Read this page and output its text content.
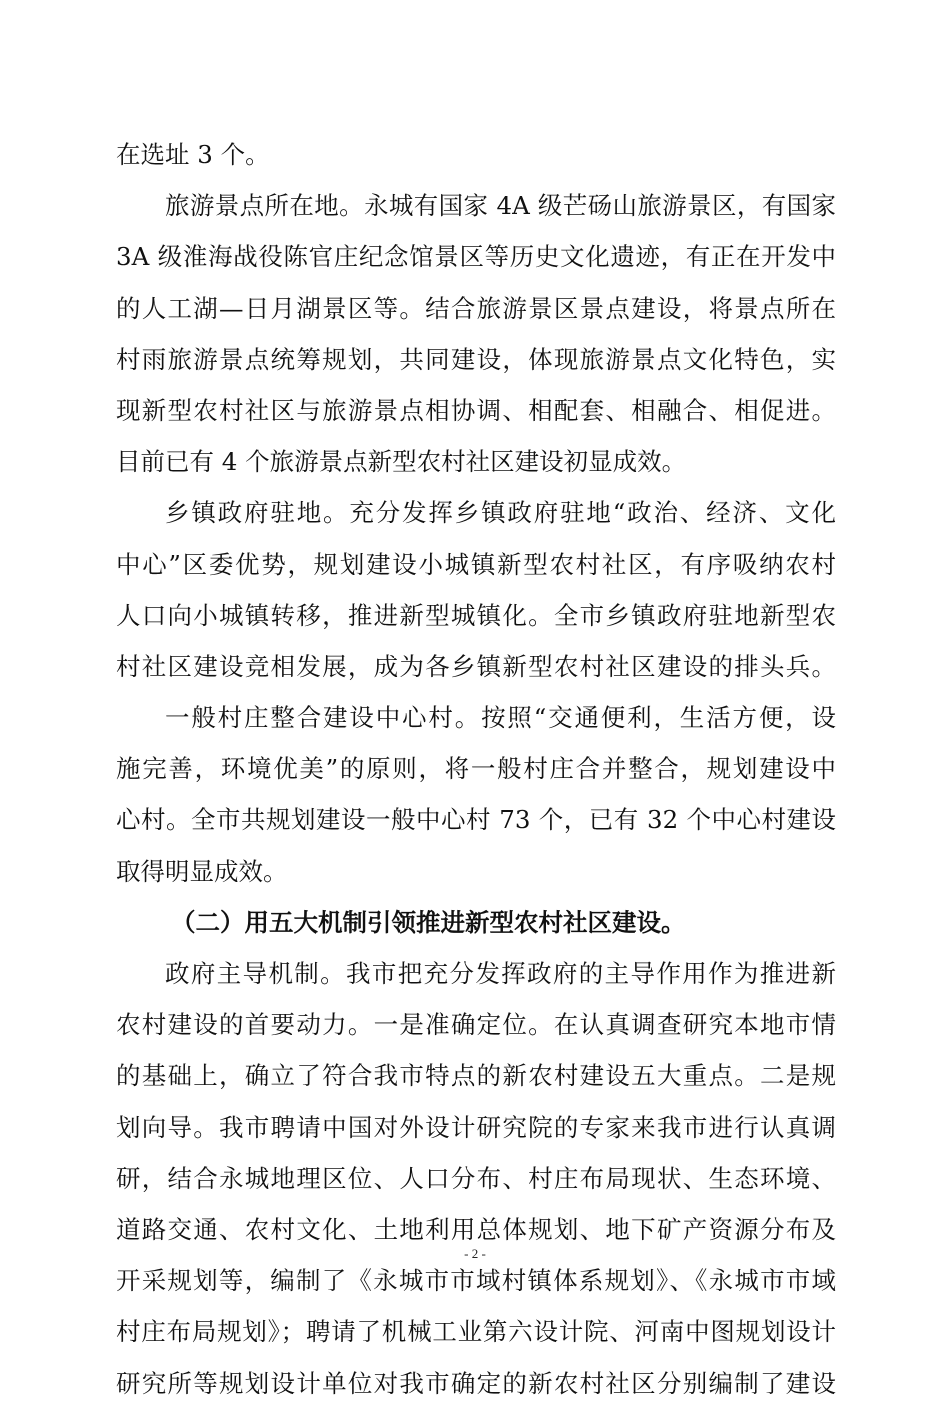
在选址 3 个。
旅游景点所在地。永城有国家 4A 级芒砀山旅游景区，有国家
3A 级淮海战役陈官庄纪念馆景区等历史文化遗迹，有正在开发中
的人工湖—日月湖景区等。结合旅游景区景点建设，将景点所在
村雨旅游景点统筹规划，共同建设，体现旅游景点文化特色，实
现新型农村社区与旅游景点相协调、相配套、相融合、相促进。
目前已有 4 个旅游景点新型农村社区建设初显成效。
乡镇政府驻地。充分发挥乡镇政府驻地“政治、经济、文化
中心”区委优势，规划建设小城镇新型农村社区，有序吸纳农村
人口向小城镇转移，推进新型城镇化。全市乡镇政府驻地新型农
村社区建设竞相发展，成为各乡镇新型农村社区建设的排头兵。
一般村庄整合建设中心村。按照“交通便利，生活方便，设
施完善，环境优美”的原则，将一般村庄合并整合，规划建设中
心村。全市共规划建设一般中心村 73 个，已有 32 个中心村建设
取得明显成效。
（二）用五大机制引领推进新型农村社区建设。
政府主导机制。我市把充分发挥政府的主导作用作为推进新
农村建设的首要动力。一是准确定位。在认真调查研究本地市情
的基础上，确立了符合我市特点的新农村建设五大重点。二是规
划向导。我市聘请中国对外设计研究院的专家来我市进行认真调
研，结合永城地理区位、人口分布、村庄布局现状、生态环境、
道路交通、农村文化、土地利用总体规划、地下矿产资源分布及
开采规划等，编制了《永城市市域村镇体系规划》、《永城市市域
村庄布局规划》；聘请了机械工业第六设计院、河南中图规划设计
研究所等规划设计单位对我市确定的新农村社区分别编制了建设
- 2 -
